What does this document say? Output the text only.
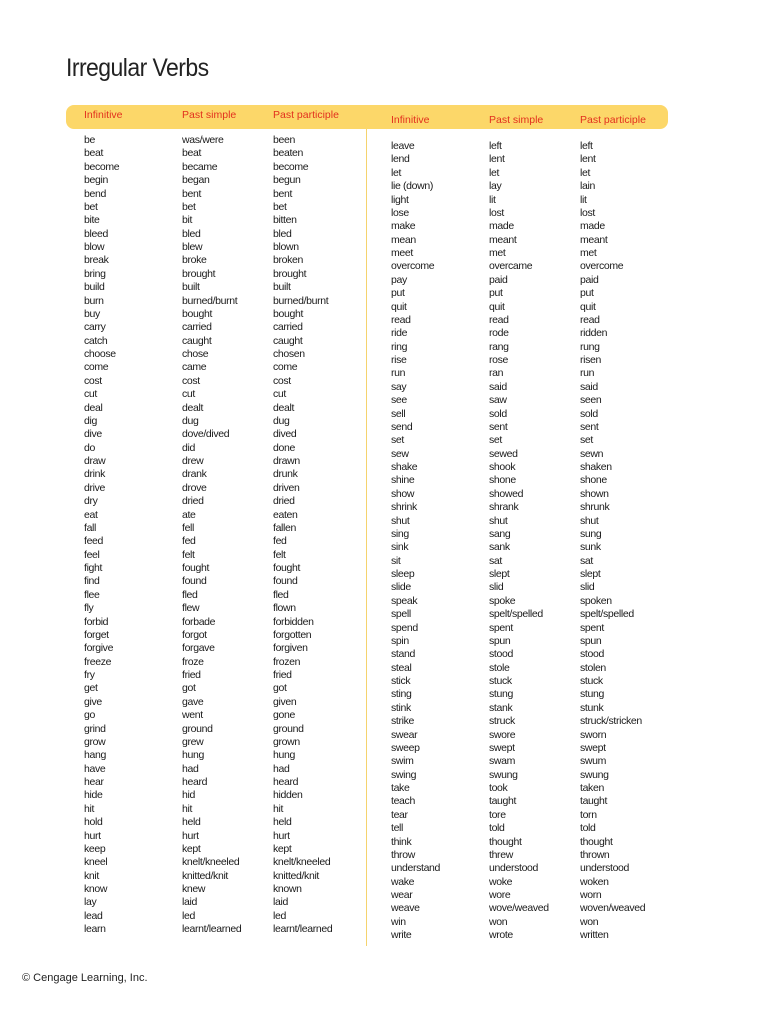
Irregular Verbs
Infinitive	Past simple	Past participle
be	was/were	been
beat	beat	beaten
become	became	become
begin	began	begun
bend	bent	bent
bet	bet	bet
bite	bit	bitten
bleed	bled	bled
blow	blew	blown
break	broke	broken
bring	brought	brought
build	built	built
burn	burned/burnt	burned/burnt
buy	bought	bought
carry	carried	carried
catch	caught	caught
choose	chose	chosen
come	came	come
cost	cost	cost
cut	cut	cut
deal	dealt	dealt
dig	dug	dug
dive	dove/dived	dived
do	did	done
draw	drew	drawn
drink	drank	drunk
drive	drove	driven
dry	dried	dried
eat	ate	eaten
fall	fell	fallen
feed	fed	fed
feel	felt	felt
fight	fought	fought
find	found	found
flee	fled	fled
fly	flew	flown
forbid	forbade	forbidden
forget	forgot	forgotten
forgive	forgave	forgiven
freeze	froze	frozen
fry	fried	fried
get	got	got
give	gave	given
go	went	gone
grind	ground	ground
grow	grew	grown
hang	hung	hung
have	had	had
hear	heard	heard
hide	hid	hidden
hit	hit	hit
hold	held	held
hurt	hurt	hurt
keep	kept	kept
kneel	knelt/kneeled	knelt/kneeled
knit	knitted/knit	knitted/knit
know	knew	known
lay	laid	laid
lead	led	led
learn	learnt/learned	learnt/learned
Infinitive	Past simple	Past participle
leave	left	left
lend	lent	lent
let	let	let
lie (down)	lay	lain
light	lit	lit
lose	lost	lost
make	made	made
mean	meant	meant
meet	met	met
overcome	overcame	overcome
pay	paid	paid
put	put	put
quit	quit	quit
read	read	read
ride	rode	ridden
ring	rang	rung
rise	rose	risen
run	ran	run
say	said	said
see	saw	seen
sell	sold	sold
send	sent	sent
set	set	set
sew	sewed	sewn
shake	shook	shaken
shine	shone	shone
show	showed	shown
shrink	shrank	shrunk
shut	shut	shut
sing	sang	sung
sink	sank	sunk
sit	sat	sat
sleep	slept	slept
slide	slid	slid
speak	spoke	spoken
spell	spelt/spelled	spelt/spelled
spend	spent	spent
spin	spun	spun
stand	stood	stood
steal	stole	stolen
stick	stuck	stuck
sting	stung	stung
stink	stank	stunk
strike	struck	struck/stricken
swear	swore	sworn
sweep	swept	swept
swim	swam	swum
swing	swung	swung
take	took	taken
teach	taught	taught
tear	tore	torn
tell	told	told
think	thought	thought
throw	threw	thrown
understand	understood	understood
wake	woke	woken
wear	wore	worn
weave	wove/weaved	woven/weaved
win	won	won
write	wrote	written
© Cengage Learning, Inc.
